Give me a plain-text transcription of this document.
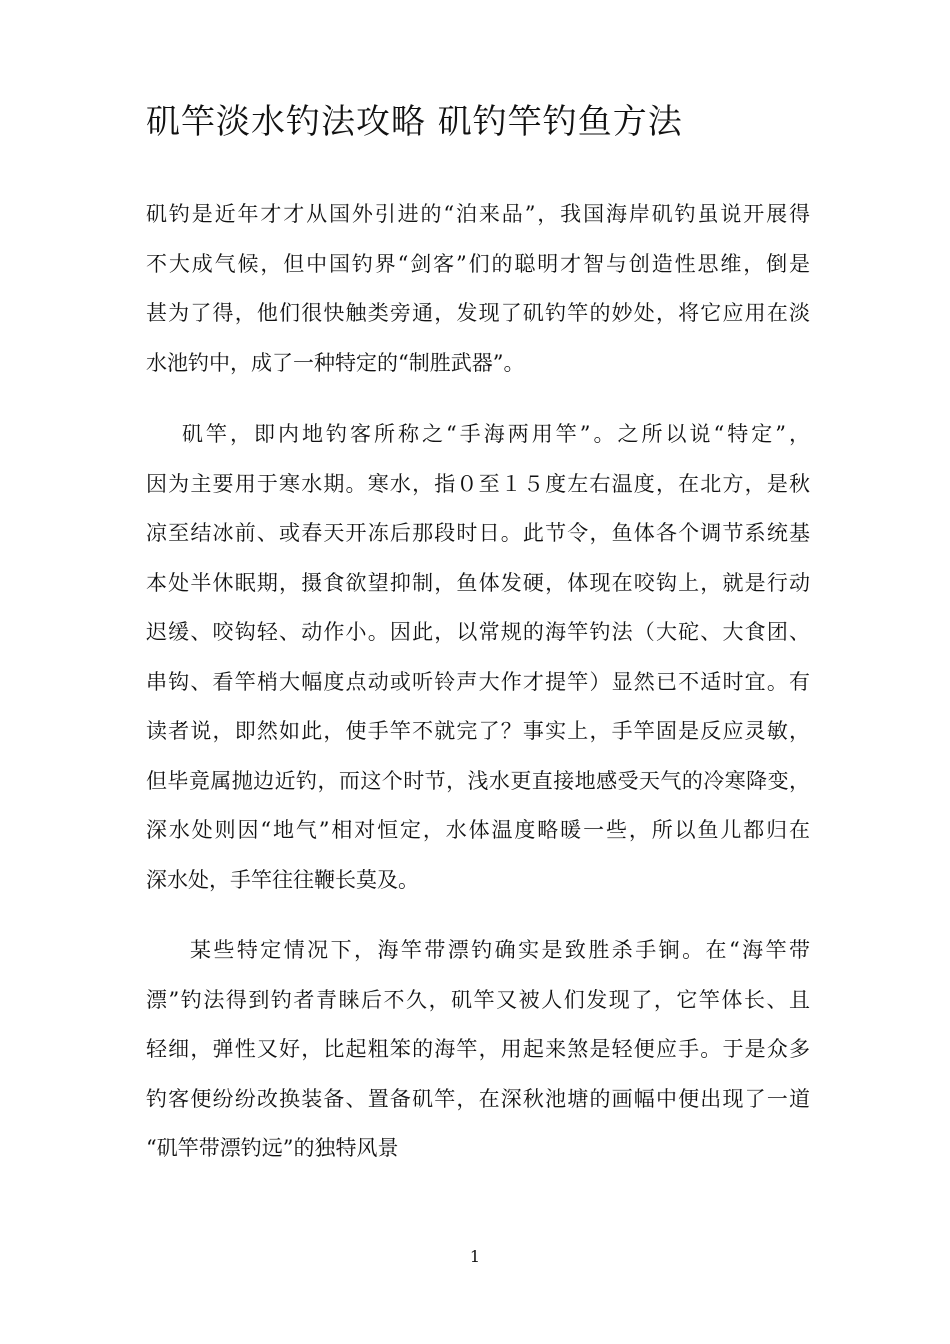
矶竿淡水钓法攻略 矶钓竿钓鱼方法
矶钓是近年才才从国外引进的“泊来品”，我国海岸矶钓虽说开展得
不大成气候，但中国钓界“剑客”们的聪明才智与创造性思维，倒是
甚为了得，他们很快触类旁通，发现了矶钓竿的妙处，将它应用在淡
水池钓中，成了一种特定的“制胜武器”。
矶竿，即内地钓客所称之“手海两用竿”。之所以说“特定”，
因为主要用于寒水期。寒水，指０至１５度左右温度，在北方，是秋
凉至结冰前、或春天开冻后那段时日。此节令，鱼体各个调节系统基
本处半休眠期，摄食欲望抑制，鱼体发硬，体现在咬钩上，就是行动
迟缓、咬钩轻、动作小。因此，以常规的海竿钓法（大砣、大食团、
串钩、看竿梢大幅度点动或听铃声大作才提竿）显然已不适时宜。有
读者说，即然如此，使手竿不就完了？事实上，手竿固是反应灵敏，
但毕竟属抛边近钓，而这个时节，浅水更直接地感受天气的冷寒降变，
深水处则因“地气”相对恒定，水体温度略暖一些，所以鱼儿都归在
深水处，手竿往往鞭长莫及。
某些特定情况下，海竿带漂钓确实是致胜杀手锏。在“海竿带
漂”钓法得到钓者青睐后不久，矶竿又被人们发现了，它竿体长、且
轻细，弹性又好，比起粗笨的海竿，用起来煞是轻便应手。于是众多
钓客便纷纷改换装备、置备矶竿，在深秋池塘的画幅中便出现了一道
“矶竿带漂钓远”的独特风景
1
